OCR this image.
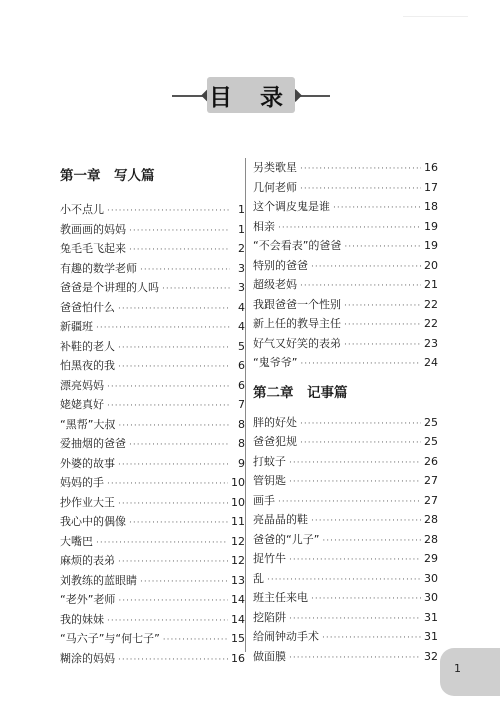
目 录
第一章　写人篇
小不点儿 ·····	1
教画画的妈妈 ·····	1
兔毛毛飞起来 ·····	2
有趣的数学老师 ·····	3
爸爸是个讲理的人吗 ·····	3
爸爸怕什么 ·····	4
新疆班 ·····	4
补鞋的老人 ·····	5
怕黑夜的我 ·····	6
漂亮妈妈 ·····	6
姥姥真好 ·····	7
“黑帮”大叔 ·····	8
爱抽烟的爸爸 ·····	8
外婆的故事 ·····	9
妈妈的手 ·····	10
抄作业大王 ·····	10
我心中的偶像 ·····	11
大嘴巴 ·····	12
麻烦的表弟 ·····	12
刘教练的蓝眼睛 ·····	13
“老外”老师 ·····	14
我的妹妹 ·····	14
“马六子”与“何七子” ·····	15
糊涂的妈妈 ·····	16
另类歌星 ·····	16
几何老师 ·····	17
这个调皮鬼是谁 ·····	18
相亲 ·····	19
“不会看表”的爸爸 ·····	19
特别的爸爸 ·····	20
超级老妈 ·····	21
我跟爸爸一个性别 ·····	22
新上任的教导主任 ·····	22
好气又好笑的表弟 ·····	23
“鬼爷爷” ·····	24
第二章　记事篇
胖的好处 ·····	25
爸爸犯规 ·····	25
打蚊子 ·····	26
管钥匙 ·····	27
画手 ·····	27
亮晶晶的鞋 ·····	28
爸爸的“儿子” ·····	28
捉竹牛 ·····	29
乱 ·····	30
班主任来电 ·····	30
挖陷阱 ·····	31
给闹钟动手术 ·····	31
做面膜 ·····	32
1
